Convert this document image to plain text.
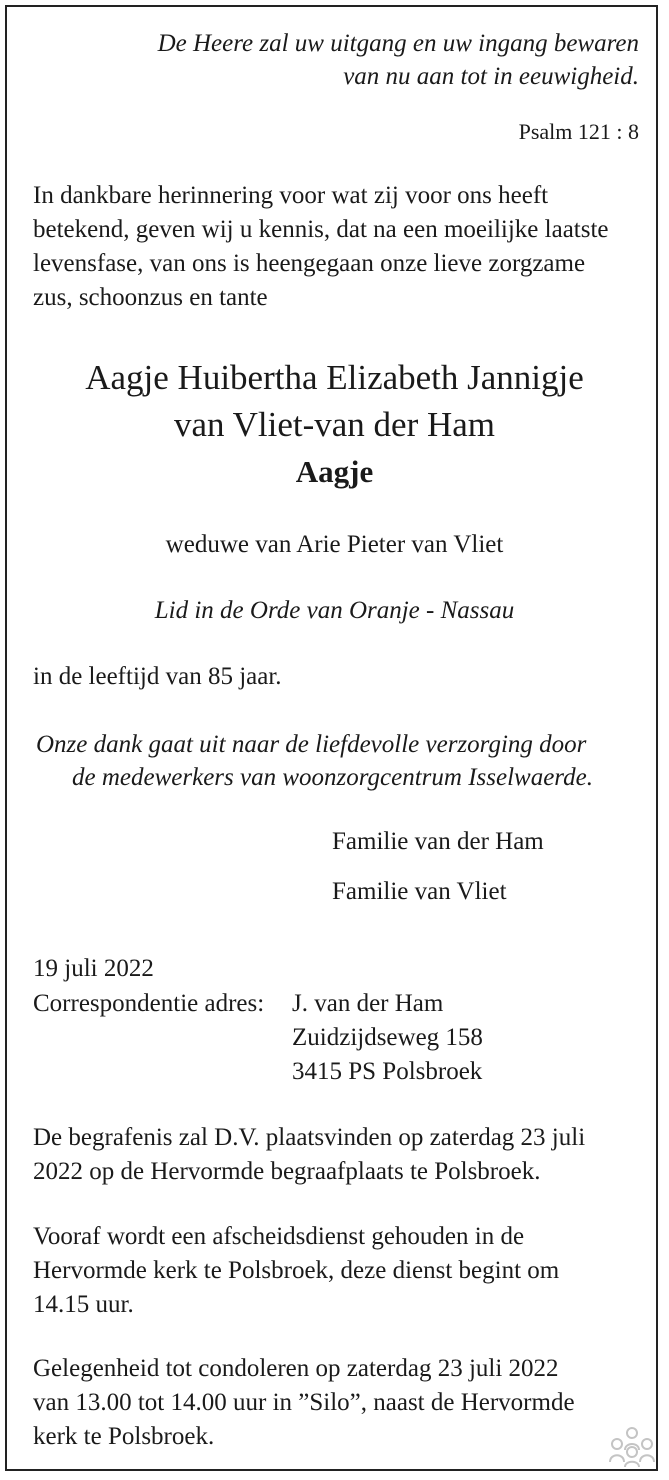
De Heere zal uw uitgang en uw ingang bewaren

van nu aan tot in eeuwigheid.

Psalm 121 : 8

In dankbare herinnering voor wat zij voor ons heeft

betekend, geven wij u kennis, dat na een moeilijke laatste

levensfase, van ons is heengegaan onze lieve zorgzame

zus, schoonzus en tante

Aagje Huibertha Elizabeth Jannigje

van Vliet-van der Ham

Aagje

weduwe van Arie Pieter van Vliet

Lid in de Orde van Oranje - Nassau

in de leeftijd van 85 jaar.

Onze dank gaat uit naar de liefdevolle verzorging door

de medewerkers van woonzorgcentrum Isselwaerde.

Familie van der Ham

Familie van Vliet

19 juli 2022

Correspondentie adres: J. van der Ham

Zuidzijdseweg 158

3415 PS Polsbroek

De begrafenis zal D.V. plaatsvinden op zaterdag 23 juli

2022 op de Hervormde begraafplaats te Polsbroek.

Vooraf wordt een afscheidsdienst gehouden in de

Hervormde kerk te Polsbroek, deze dienst begint om

14.15 uur.

Gelegenheid tot condoleren op zaterdag 23 juli 2022

van 13.00 tot 14.00 uur in ”Silo”, naast de Hervormde

kerk te Polsbroek.
